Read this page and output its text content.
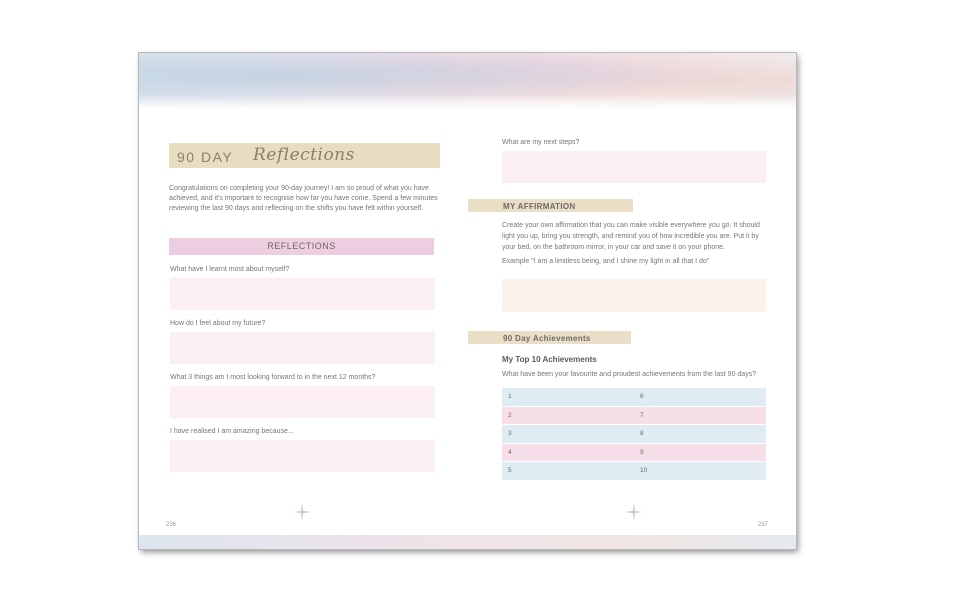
90 DAY Reflections
Congratulations on completing your 90-day journey! I am so proud of what you have achieved, and it's important to recognise how far you have come. Spend a few minutes reviewing the last 90 days and reflecting on the shifts you have felt within yourself.
REFLECTIONS
What have I learnt most about myself?
How do I feel about my future?
What 3 things am I most looking forward to in the next 12 months?
I have realised I am amazing because...
236
What are my next steps?
MY AFFIRMATION
Create your own affirmation that you can make visible everywhere you go. It should light you up, bring you strength, and remind you of how incredible you are. Put it by your bed, on the bathroom mirror, in your car and save it on your phone.
Example "I am a limitless being, and I shine my light in all that I do"
90 Day Achievements
My Top 10 Achievements
What have been your favourite and proudest achievements from the last 90 days?
1	6
2	7
3	8
4	9
5	10
237
